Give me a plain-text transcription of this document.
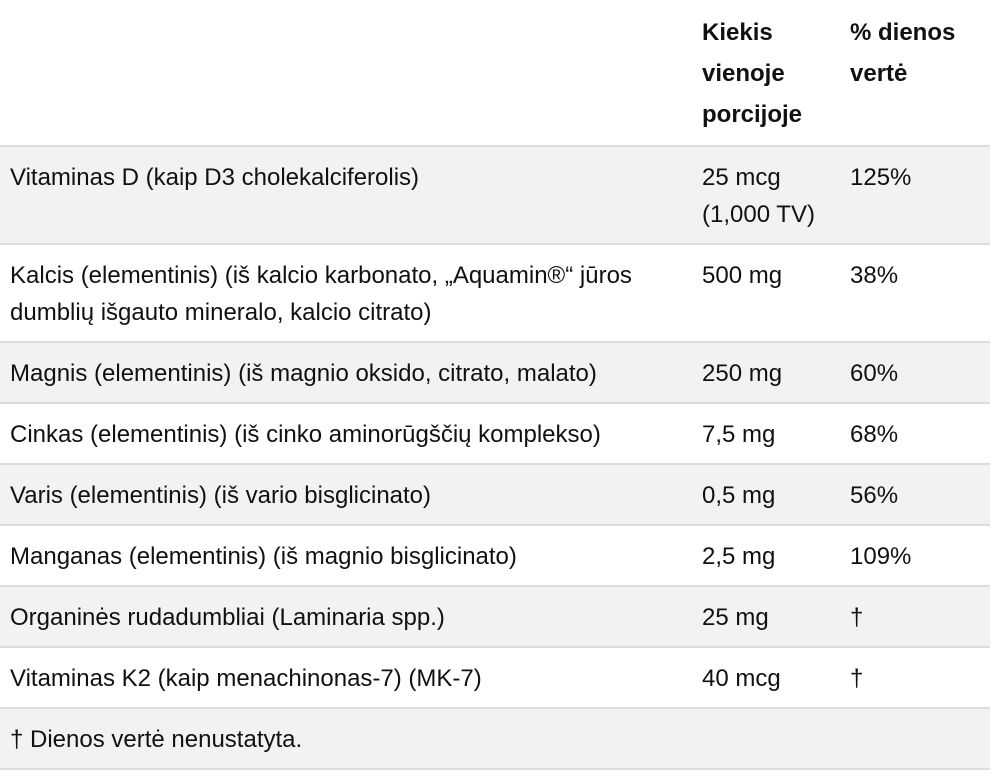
	Kiekis vienoje porcijoje	% dienos vertė
Vitaminas D (kaip D3 cholekalciferolis)	25 mcg (1,000 TV)	125%
Kalcis (elementinis) (iš kalcio karbonato, „Aquamin®“ jūros dumblių išgauto mineralo, kalcio citrato)	500 mg	38%
Magnis (elementinis) (iš magnio oksido, citrato, malato)	250 mg	60%
Cinkas (elementinis) (iš cinko aminorūgščių komplekso)	7,5 mg	68%
Varis (elementinis) (iš vario bisglicinato)	0,5 mg	56%
Manganas (elementinis) (iš magnio bisglicinato)	2,5 mg	109%
Organinės rudadumbliai (Laminaria spp.)	25 mg	†
Vitaminas K2 (kaip menachinonas-7) (MK-7)	40 mcg	†
† Dienos vertė nenustatyta.		
